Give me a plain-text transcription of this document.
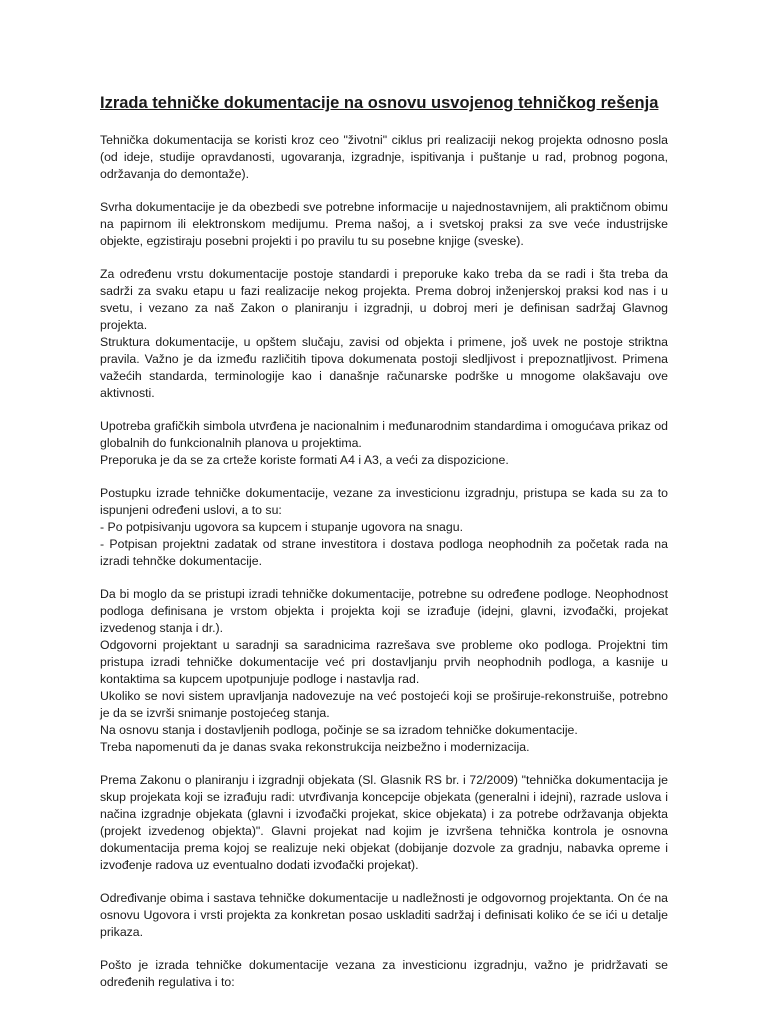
Izrada tehničke dokumentacije na osnovu usvojenog tehničkog rešenja

Tehnička dokumentacija se koristi kroz ceo "životni" ciklus pri realizaciji nekog projekta odnosno posla (od ideje, studije opravdanosti, ugovaranja, izgradnje, ispitivanja i puštanje u rad, probnog pogona, održavanja do demontaže).

Svrha dokumentacije je da obezbedi sve potrebne informacije u najednostavnijem, ali praktičnom obimu na papirnom ili elektronskom medijumu. Prema našoj, a i svetskoj praksi za sve veće industrijske objekte, egzistiraju posebni projekti i po pravilu tu su posebne knjige (sveske).

Za određenu vrstu dokumentacije postoje standardi i preporuke kako treba da se radi i šta treba da sadrži za svaku etapu u fazi realizacije nekog projekta. Prema dobroj inženjerskoj praksi kod nas i u svetu, i vezano za naš Zakon o planiranju i izgradnji, u dobroj meri je definisan sadržaj Glavnog projekta.

Struktura dokumentacije, u opštem slučaju, zavisi od objekta i primene, još uvek ne postoje striktna pravila. Važno je da između različitih tipova dokumenata postoji sledljivost i prepoznatljivost. Primena važećih standarda, terminologije kao i današnje računarske podrške u mnogome olakšavaju ove aktivnosti.

Upotreba grafičkih simbola utvrđena je nacionalnim i međunarodnim standardima i omogućava prikaz od globalnih do funkcionalnih planova u projektima.

Preporuka je da se za crteže koriste formati A4 i A3, a veći za dispozicione.

Postupku izrade tehničke dokumentacije, vezane za investicionu izgradnju, pristupa se kada su za to ispunjeni određeni uslovi, a to su:

- Po potpisivanju ugovora sa kupcem i stupanje ugovora na snagu.

- Potpisan projektni zadatak od strane investitora i dostava podloga neophodnih za početak rada na izradi tehnčke dokumentacije.

Da bi moglo da se pristupi izradi tehničke dokumentacije, potrebne su određene podloge. Neophodnost podloga definisana je vrstom objekta i projekta koji se izrađuje (idejni, glavni, izvođački, projekat izvedenog stanja i dr.).

Odgovorni projektant u saradnji sa saradnicima razrešava sve probleme oko podloga. Projektni tim pristupa izradi tehničke dokumentacije već pri dostavljanju prvih neophodnih podloga, a kasnije u kontaktima sa kupcem upotpunjuje podloge i nastavlja rad.

Ukoliko se novi sistem upravljanja nadovezuje na već postojeći koji se proširuje-rekonstruiše, potrebno je da se izvrši snimanje postojećeg stanja.

Na osnovu stanja i dostavljenih podloga, počinje se sa izradom tehničke dokumentacije.

Treba napomenuti da je danas svaka rekonstrukcija neizbežno i modernizacija.

Prema Zakonu o planiranju i izgradnji objekata (Sl. Glasnik RS br. i 72/2009) "tehnička dokumentacija je skup projekata koji se izrađuju radi: utvrđivanja koncepcije objekata (generalni i idejni), razrade uslova i načina izgradnje objekata (glavni i izvođački projekat, skice objekata) i za potrebe održavanja objekta (projekt izvedenog objekta)". Glavni projekat nad kojim je izvršena tehnička kontrola je osnovna dokumentacija prema kojoj se realizuje neki objekat (dobijanje dozvole za gradnju, nabavka opreme i izvođenje radova uz eventualno dodati izvođački projekat).

Određivanje obima i sastava tehničke dokumentacije u nadležnosti je odgovornog projektanta. On će na osnovu Ugovora i vrsti projekta za konkretan posao uskladiti sadržaj i definisati koliko će se ići u detalje prikaza.

Pošto je izrada tehničke dokumentacije vezana za investicionu izgradnju, važno je pridržavati se određenih regulativa i to:
